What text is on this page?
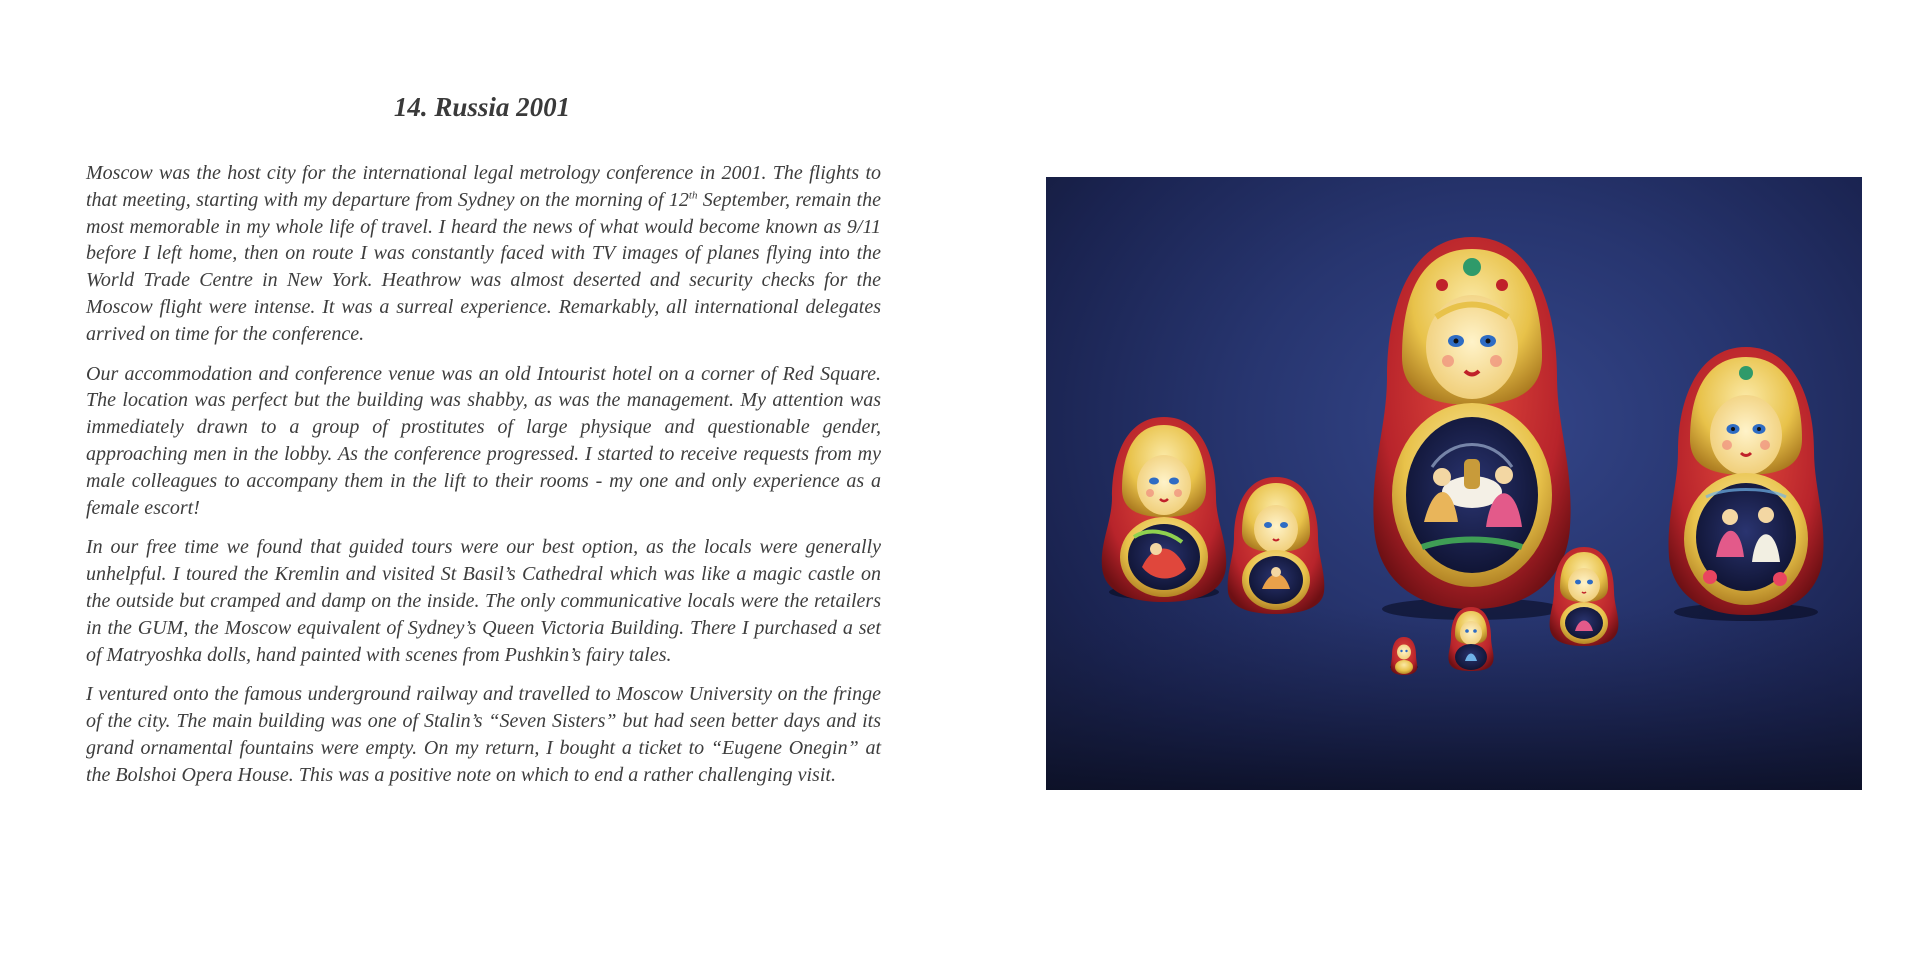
14. Russia 2001

Moscow was the host city for the international legal metrology conference in 2001. The flights to that meeting, starting with my departure from Sydney on the morning of 12th September, remain the most memorable in my whole life of travel. I heard the news of what would become known as 9/11 before I left home, then on route I was constantly faced with TV images of planes flying into the World Trade Centre in New York. Heathrow was almost deserted and security checks for the Moscow flight were intense. It was a surreal experience. Remarkably, all international delegates arrived on time for the conference.

Our accommodation and conference venue was an old Intourist hotel on a corner of Red Square. The location was perfect but the building was shabby, as was the management. My attention was immediately drawn to a group of prostitutes of large physique and questionable gender, approaching men in the lobby. As the conference progressed. I started to receive requests from my male colleagues to accompany them in the lift to their rooms - my one and only experience as a female escort!

In our free time we found that guided tours were our best option, as the locals were generally unhelpful. I toured the Kremlin and visited St Basil’s Cathedral which was like a magic castle on the outside but cramped and damp on the inside. The only communicative locals were the retailers in the GUM, the Moscow equivalent of Sydney’s Queen Victoria Building. There I purchased a set of Matryoshka dolls, hand painted with scenes from Pushkin’s fairy tales.

I ventured onto the famous underground railway and travelled to Moscow University on the fringe of the city. The main building was one of Stalin’s “Seven Sisters” but had seen better days and its grand ornamental fountains were empty. On my return, I bought a ticket to “Eugene Onegin” at the Bolshoi Opera House. This was a positive note on which to end a rather challenging visit.
